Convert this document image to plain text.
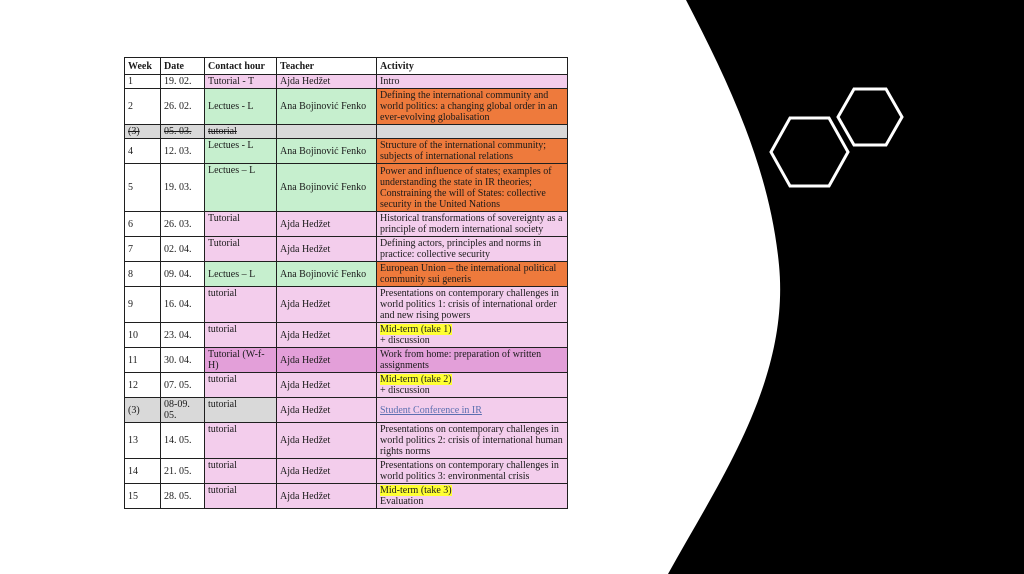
Week	Date	Contact hour	Teacher	Activity
1	19. 02.	Tutorial - T	Ajda Hedžet	Intro
2	26. 02.	Lectues - L	Ana Bojinović Fenko	Defining the international community and world politics: a changing global order in an ever-evolving globalisation
(3)	05. 03.	tutorial		
4	12. 03.	Lectues - L	Ana Bojinović Fenko	Structure of the international community; subjects of international relations
5	19. 03.	Lectues – L	Ana Bojinović Fenko	Power and influence of states; examples of understanding the state in IR theories; Constraining the will of States: collective security in the United Nations
6	26. 03.	Tutorial	Ajda Hedžet	Historical transformations of sovereignty as a principle of modern international society
7	02. 04.	Tutorial	Ajda Hedžet	Defining actors, principles and norms in practice: collective security
8	09. 04.	Lectues – L	Ana Bojinović Fenko	European Union – the international political community sui generis
9	16. 04.	tutorial	Ajda Hedžet	Presentations on contemporary challenges in world politics 1: crisis of international order and new rising powers
10	23. 04.	tutorial	Ajda Hedžet	Mid-term (take 1)
+ discussion
11	30. 04.	Tutorial (W-f-H)	Ajda Hedžet	Work from home: preparation of written assignments
12	07. 05.	tutorial	Ajda Hedžet	Mid-term (take 2)
+ discussion
(3)	08-09. 05.	tutorial	Ajda Hedžet	Student Conference in IR
13	14. 05.	tutorial	Ajda Hedžet	Presentations on contemporary challenges in world politics 2: crisis of international human rights norms
14	21. 05.	tutorial	Ajda Hedžet	Presentations on contemporary challenges in world politics 3: environmental crisis
15	28. 05.	tutorial	Ajda Hedžet	Mid-term (take 3)
Evaluation
